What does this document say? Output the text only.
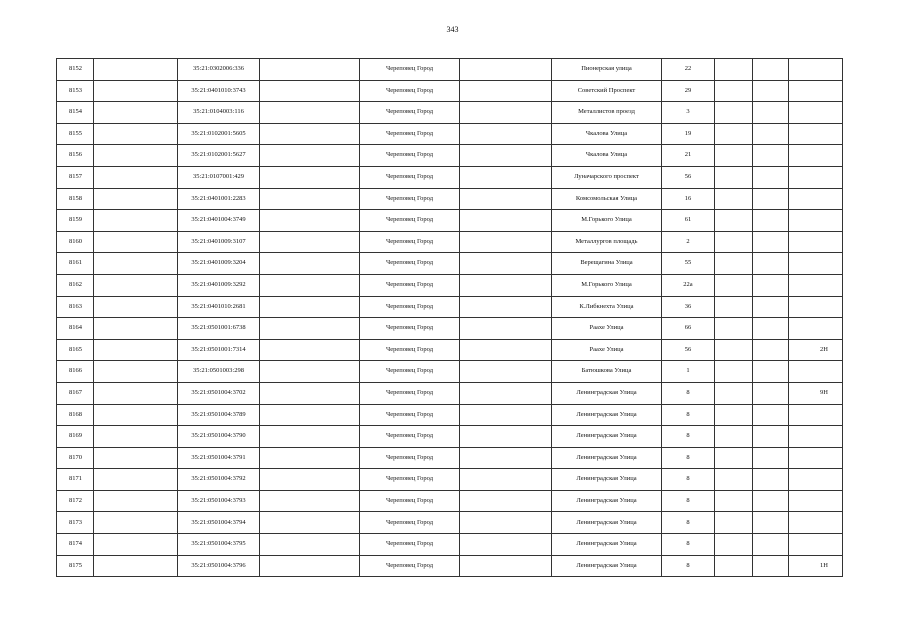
343
8152		35:21:0302006:336		Череповец Город		Пионерская улица	22			
8153		35:21:0401010:3743		Череповец Город		Советский Проспект	29			
8154		35:21:0104003:116		Череповец Город		Металлистов проезд	3			
8155		35:21:0102001:5605		Череповец Город		Чкалова Улица	19			
8156		35:21:0102001:5627		Череповец Город		Чкалова Улица	21			
8157		35:21:0107001:429		Череповец Город		Луначарского проспект	56			
8158		35:21:0401001:2283		Череповец Город		Комсомольская Улица	16			
8159		35:21:0401004:3749		Череповец Город		М.Горького Улица	61			
8160		35:21:0401009:3107		Череповец Город		Металлургов площадь	2			
8161		35:21:0401009:3204		Череповец Город		Верещагина Улица	55			
8162		35:21:0401009:3292		Череповец Город		М.Горького Улица	22а			
8163		35:21:0401010:2681		Череповец Город		К.Либкнехта Улица	36			
8164		35:21:0501001:6738		Череповец Город		Раахе Улица	66			
8165		35:21:0501001:7314		Череповец Город		Раахе Улица	56			2Н
8166		35:21:0501003:298		Череповец Город		Батюшкова Улица	1			
8167		35:21:0501004:3702		Череповец Город		Ленинградская Улица	8			9Н
8168		35:21:0501004:3789		Череповец Город		Ленинградская Улица	8			
8169		35:21:0501004:3790		Череповец Город		Ленинградская Улица	8			
8170		35:21:0501004:3791		Череповец Город		Ленинградская Улица	8			
8171		35:21:0501004:3792		Череповец Город		Ленинградская Улица	8			
8172		35:21:0501004:3793		Череповец Город		Ленинградская Улица	8			
8173		35:21:0501004:3794		Череповец Город		Ленинградская Улица	8			
8174		35:21:0501004:3795		Череповец Город		Ленинградская Улица	8			
8175		35:21:0501004:3796		Череповец Город		Ленинградская Улица	8			1Н
